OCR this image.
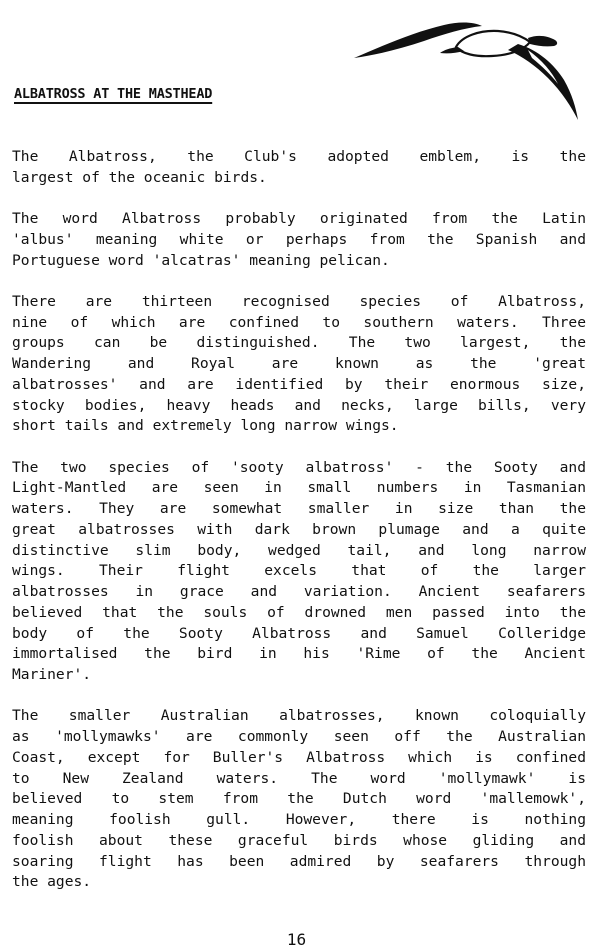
ALBATROSS AT THE MASTHEAD

The Albatross, the Club's adopted emblem, is the
largest of the oceanic birds.

The word Albatross probably originated from the Latin
'albus' meaning white or perhaps from the Spanish and
Portuguese word 'alcatras' meaning pelican.

There are thirteen recognised species of Albatross,
nine of which are confined to southern waters. Three
groups can be distinguished. The two largest, the
Wandering and Royal are known as the 'great
albatrosses' and are identified by their enormous size,
stocky bodies, heavy heads and necks, large bills, very
short tails and extremely long narrow wings.

The two species of 'sooty albatross' - the Sooty and
Light-Mantled are seen in small numbers in Tasmanian
waters. They are somewhat smaller in size than the
great albatrosses with dark brown plumage and a quite
distinctive slim body, wedged tail, and long narrow
wings. Their flight excels that of the larger
albatrosses in grace and variation. Ancient seafarers
believed that the souls of drowned men passed into the
body of the Sooty Albatross and Samuel Colleridge
immortalised the bird in his 'Rime of the Ancient
Mariner'.

The smaller Australian albatrosses, known coloquially
as 'mollymawks' are commonly seen off the Australian
Coast, except for Buller's Albatross which is confined
to New Zealand waters. The word 'mollymawk' is
believed to stem from the Dutch word 'mallemowk',
meaning foolish gull. However, there is nothing
foolish about these graceful birds whose gliding and
soaring flight has been admired by seafarers through
the ages.

16
